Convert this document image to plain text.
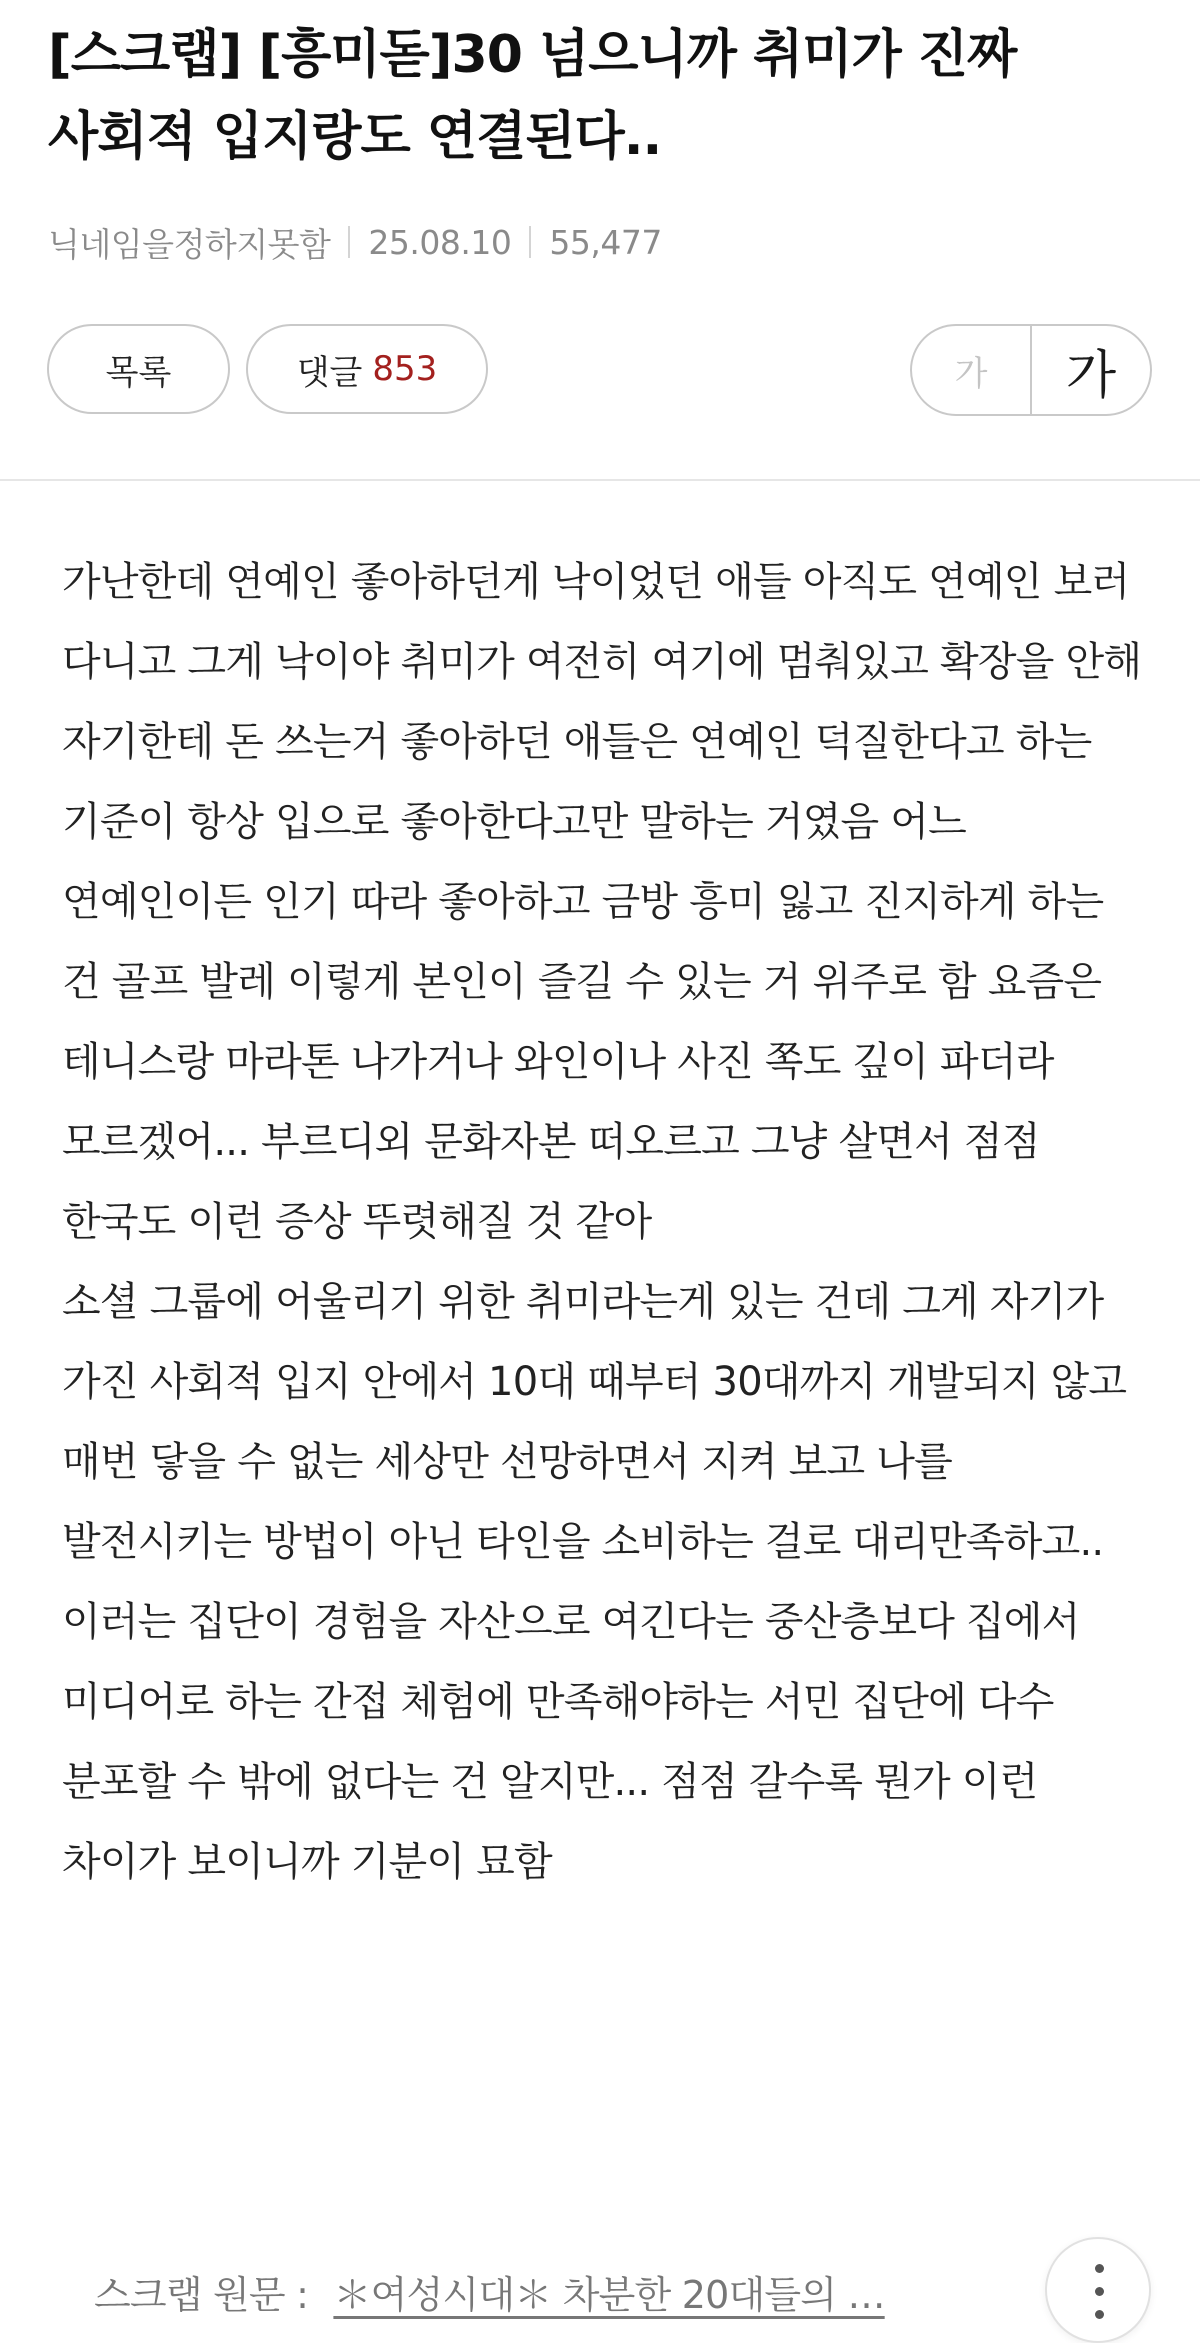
[스크랩] [흥미돋]30 넘으니까 취미가 진짜 사회적 입지랑도 연결된다..
닉네임을정하지못함 25.08.10 55,477
목록	댓글 853	가 가

가난한데 연예인 좋아하던게 낙이었던 애들 아직도 연예인 보러 다니고 그게 낙이야 취미가 여전히 여기에 멈춰있고 확장을 안해

자기한테 돈 쓰는거 좋아하던 애들은 연예인 덕질한다고 하는 기준이 항상 입으로 좋아한다고만 말하는 거였음 어느 연예인이든 인기 따라 좋아하고 금방 흥미 잃고 진지하게 하는 건 골프 발레 이렇게 본인이 즐길 수 있는 거 위주로 함 요즘은 테니스랑 마라톤 나가거나 와인이나 사진 쪽도 깊이 파더라

모르겠어... 부르디외 문화자본 떠오르고 그냥 살면서 점점 한국도 이런 증상 뚜렷해질 것 같아

소셜 그룹에 어울리기 위한 취미라는게 있는 건데 그게 자기가 가진 사회적 입지 안에서 10대 때부터 30대까지 개발되지 않고 매번 닿을 수 없는 세상만 선망하면서 지켜 보고 나를 발전시키는 방법이 아닌 타인을 소비하는 걸로 대리만족하고..

이러는 집단이 경험을 자산으로 여긴다는 중산층보다 집에서 미디어로 하는 간접 체험에 만족해야하는 서민 집단에 다수 분포할 수 밖에 없다는 건 알지만... 점점 갈수록 뭔가 이런 차이가 보이니까 기분이 묘함

스크랩 원문 : ＊여성시대＊ 차분한 20대들의 …
